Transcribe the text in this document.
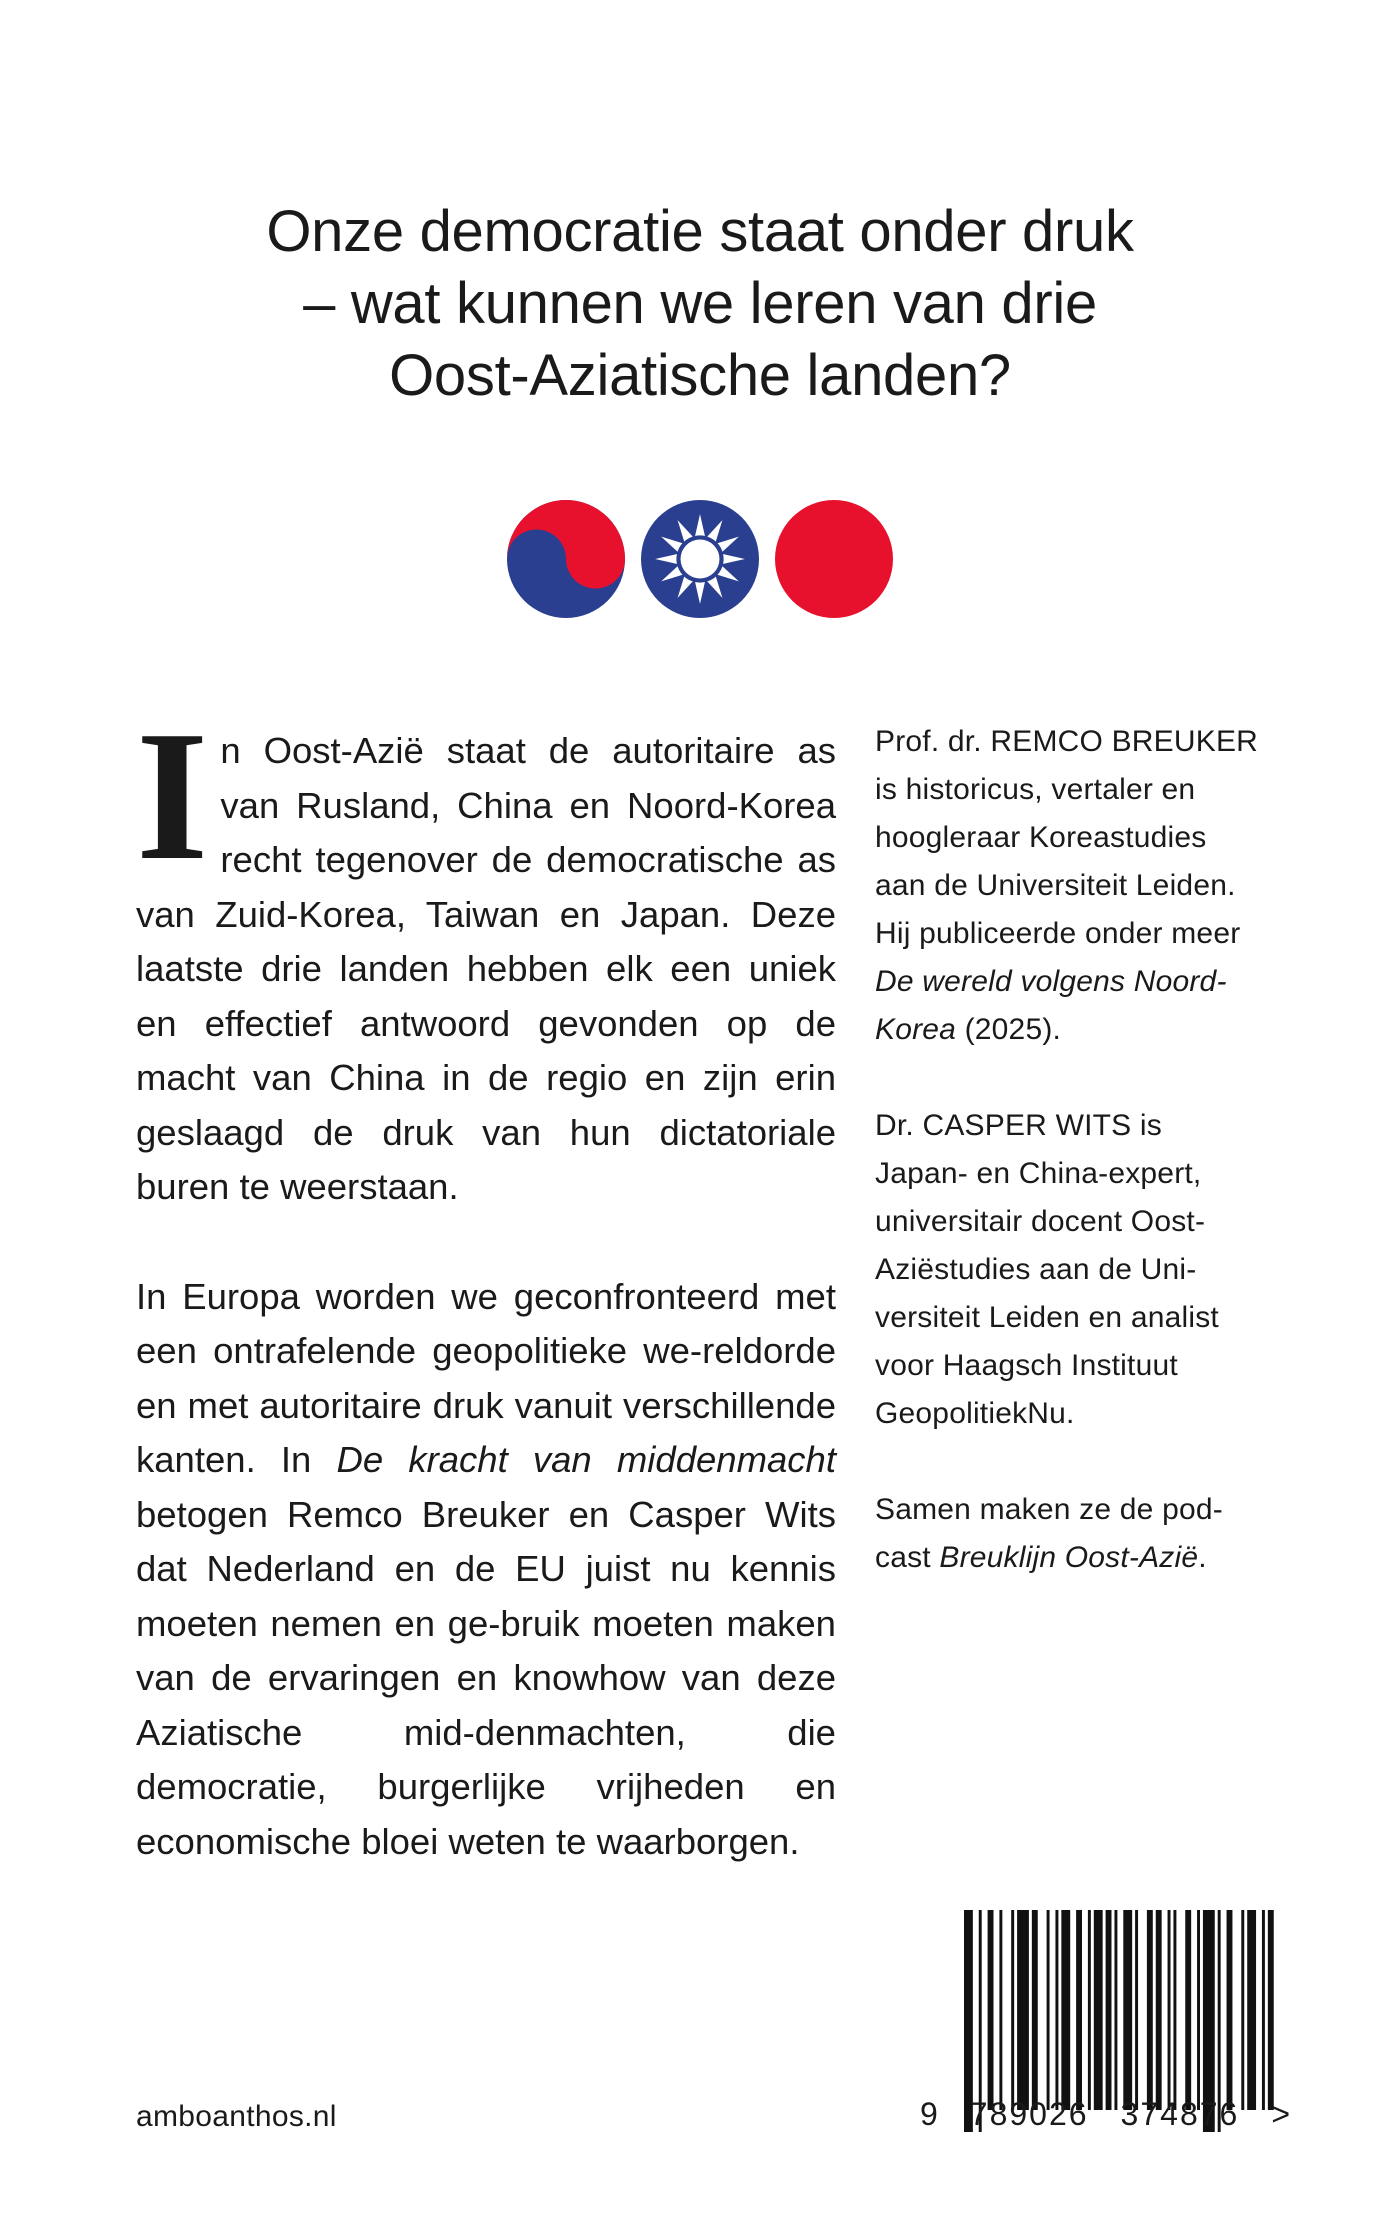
Onze democratie staat onder druk
– wat kunnen we leren van drie
Oost-Aziatische landen?

In Oost-Azië staat de autoritaire as van Rusland, China en Noord-Korea recht tegenover de democratische as van Zuid-Korea, Taiwan en Japan. Deze laatste drie landen hebben elk een uniek en effectief antwoord gevonden op de macht van China in de regio en zijn erin geslaagd de druk van hun dictatoriale buren te weerstaan.

In Europa worden we geconfronteerd met een ontrafelende geopolitieke we-reldorde en met autoritaire druk vanuit verschillende kanten. In De kracht van middenmacht betogen Remco Breuker en Casper Wits dat Nederland en de EU juist nu kennis moeten nemen en ge-bruik moeten maken van de ervaringen en knowhow van deze Aziatische mid-denmachten, die democratie, burgerlijke vrijheden en economische bloei weten te waarborgen.

Prof. dr. REMCO BREUKER
is historicus, vertaler en
hoogleraar Koreastudies
aan de Universiteit Leiden.
Hij publiceerde onder meer
De wereld volgens Noord-
Korea (2025).

Dr. CASPER WITS is
Japan- en China-expert,
universitair docent Oost-
Aziëstudies aan de Uni-
versiteit Leiden en analist
voor Haagsch Instituut
GeopolitiekNu.

Samen maken ze de pod-
cast Breuklijn Oost-Azië.

amboanthos.nl	9 789026 374876 >
